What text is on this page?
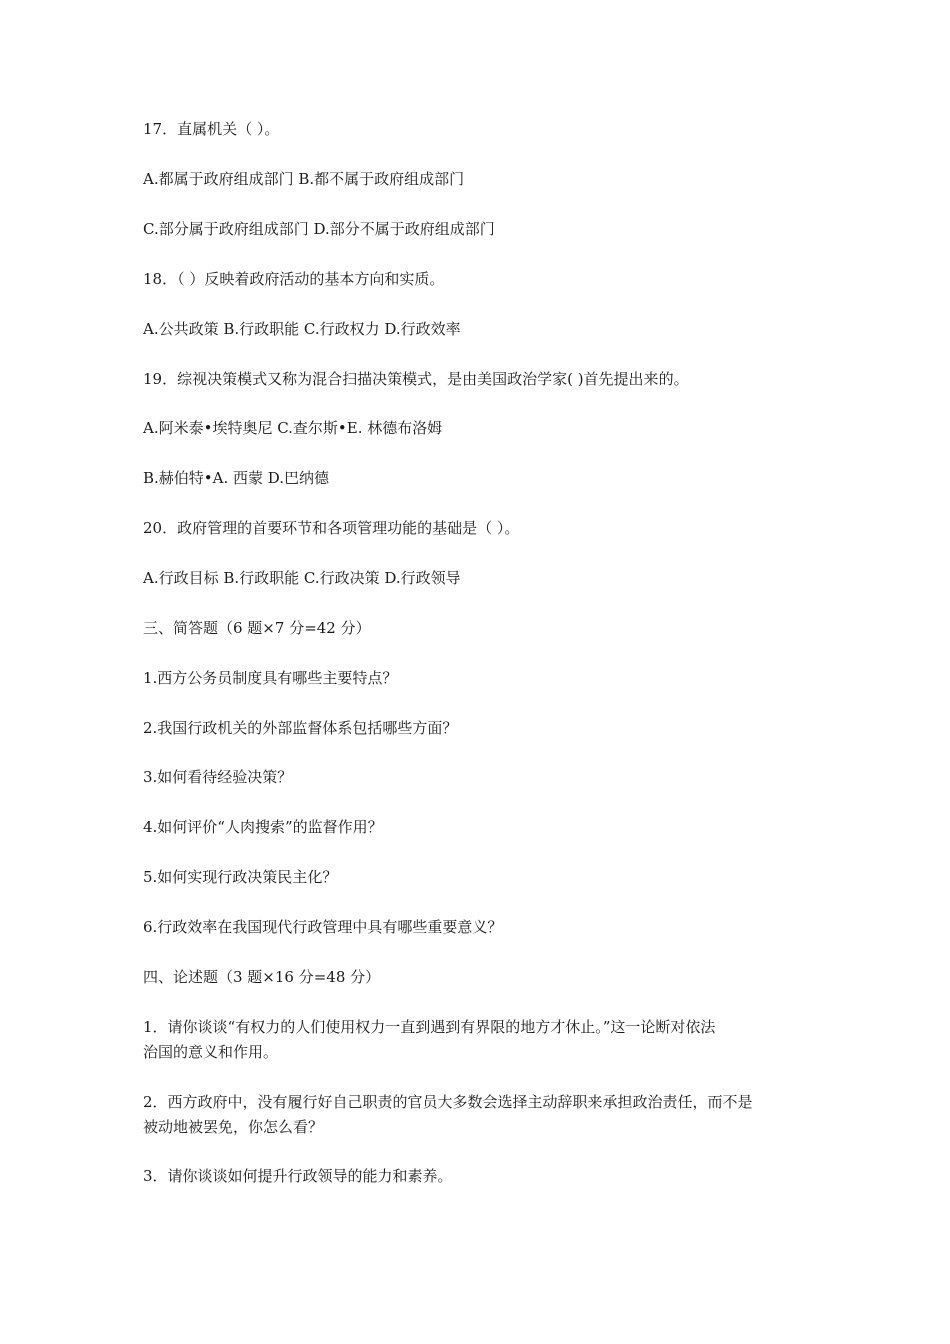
17．直属机关（ ）。
A.都属于政府组成部门 B.都不属于政府组成部门
C.部分属于政府组成部门 D.部分不属于政府组成部门
18．（ ）反映着政府活动的基本方向和实质。
A.公共政策 B.行政职能 C.行政权力 D.行政效率
19．综视决策模式又称为混合扫描决策模式，是由美国政治学家( )首先提出来的。
A.阿米泰•埃特奥尼 C.查尔斯•E. 林德布洛姆
B.赫伯特•A. 西蒙 D.巴纳德
20．政府管理的首要环节和各项管理功能的基础是（ ）。
A.行政目标 B.行政职能 C.行政决策 D.行政领导
三、简答题（6 题×7 分=42 分）
1.西方公务员制度具有哪些主要特点？
2.我国行政机关的外部监督体系包括哪些方面？
3.如何看待经验决策？
4.如何评价“人肉搜索”的监督作用？
5.如何实现行政决策民主化？
6.行政效率在我国现代行政管理中具有哪些重要意义？
四、论述题（3 题×16 分=48 分）
1．请你谈谈“有权力的人们使用权力一直到遇到有界限的地方才休止。”这一论断对依法
治国的意义和作用。
2．西方政府中，没有履行好自己职责的官员大多数会选择主动辞职来承担政治责任，而不是
被动地被罢免，你怎么看？
3．请你谈谈如何提升行政领导的能力和素养。
